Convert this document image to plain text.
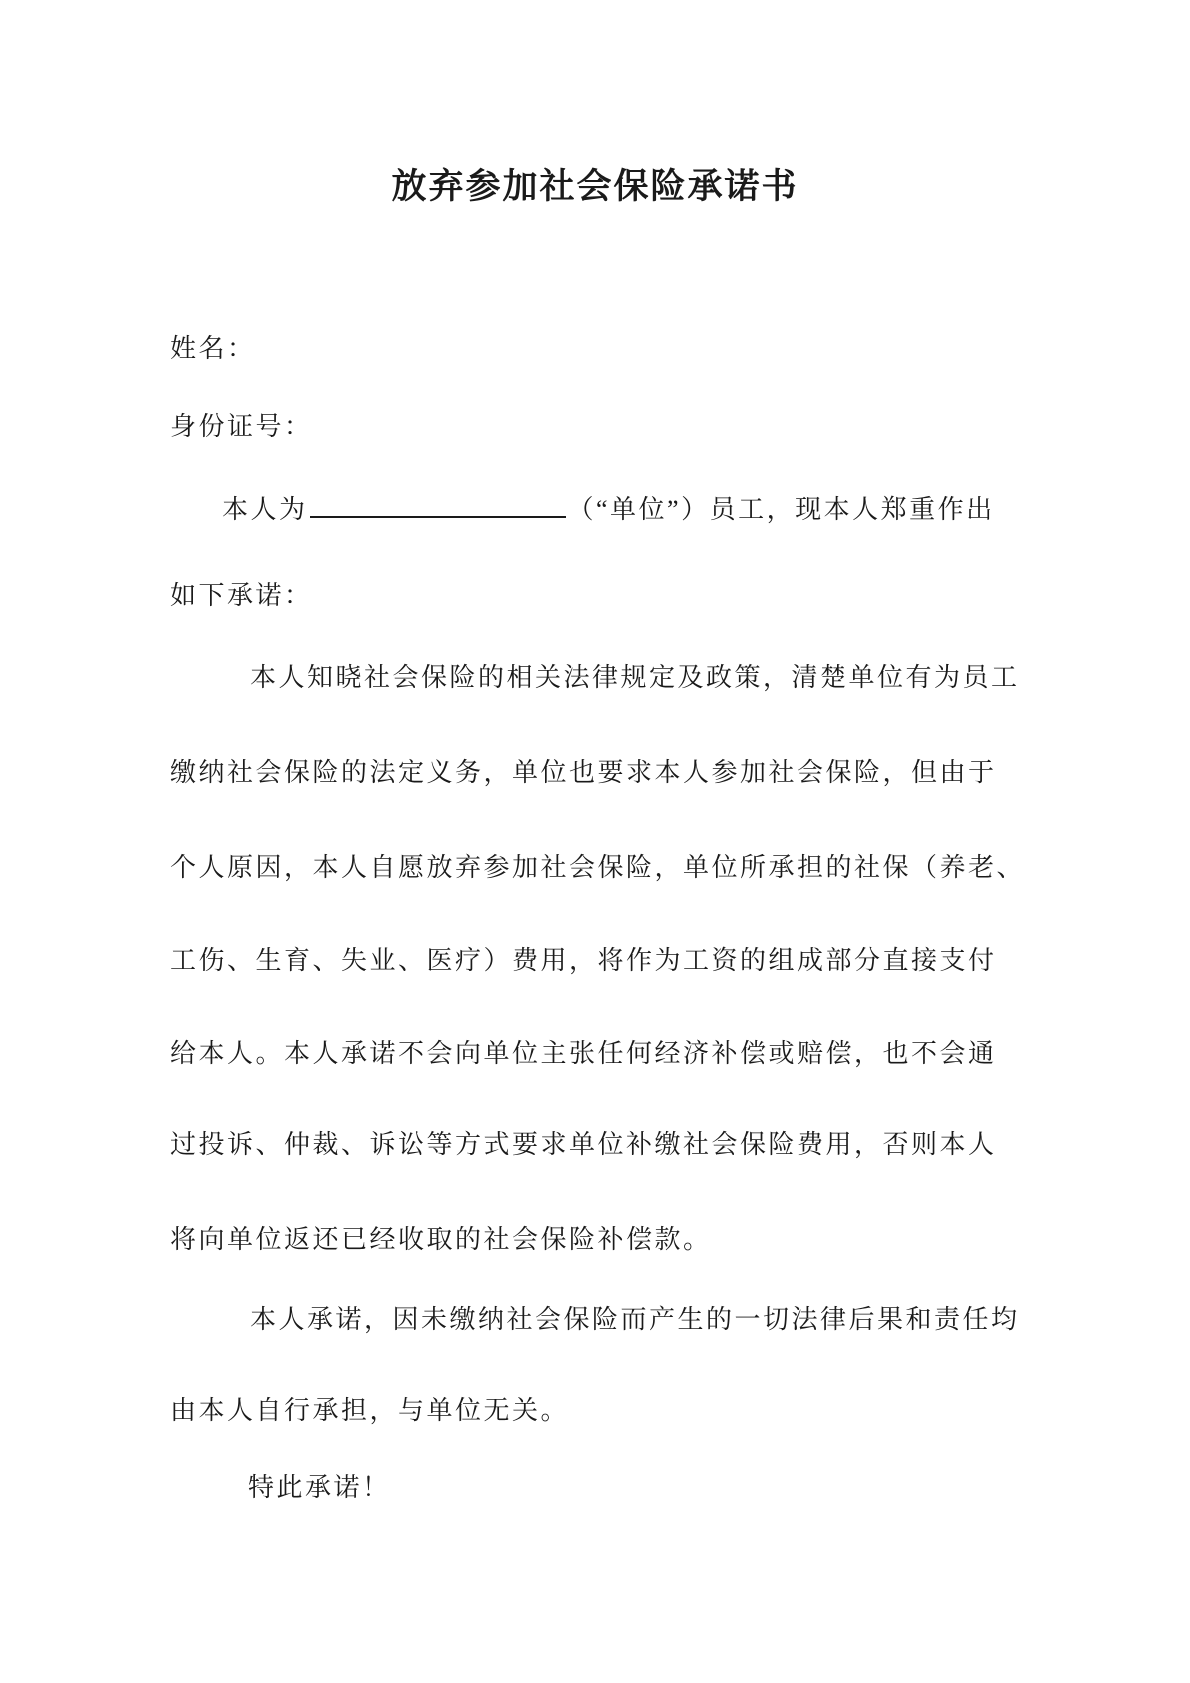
放弃参加社会保险承诺书
姓名：
身份证号：
本人为	（“单位”）员工，现本人郑重作出
如下承诺：
本人知晓社会保险的相关法律规定及政策，清楚单位有为员工
缴纳社会保险的法定义务，单位也要求本人参加社会保险，但由于
个人原因，本人自愿放弃参加社会保险，单位所承担的社保（养老、
工伤、生育、失业、医疗）费用，将作为工资的组成部分直接支付
给本人。本人承诺不会向单位主张任何经济补偿或赔偿，也不会通
过投诉、仲裁、诉讼等方式要求单位补缴社会保险费用，否则本人
将向单位返还已经收取的社会保险补偿款。
本人承诺，因未缴纳社会保险而产生的一切法律后果和责任均
由本人自行承担，与单位无关。
特此承诺！
